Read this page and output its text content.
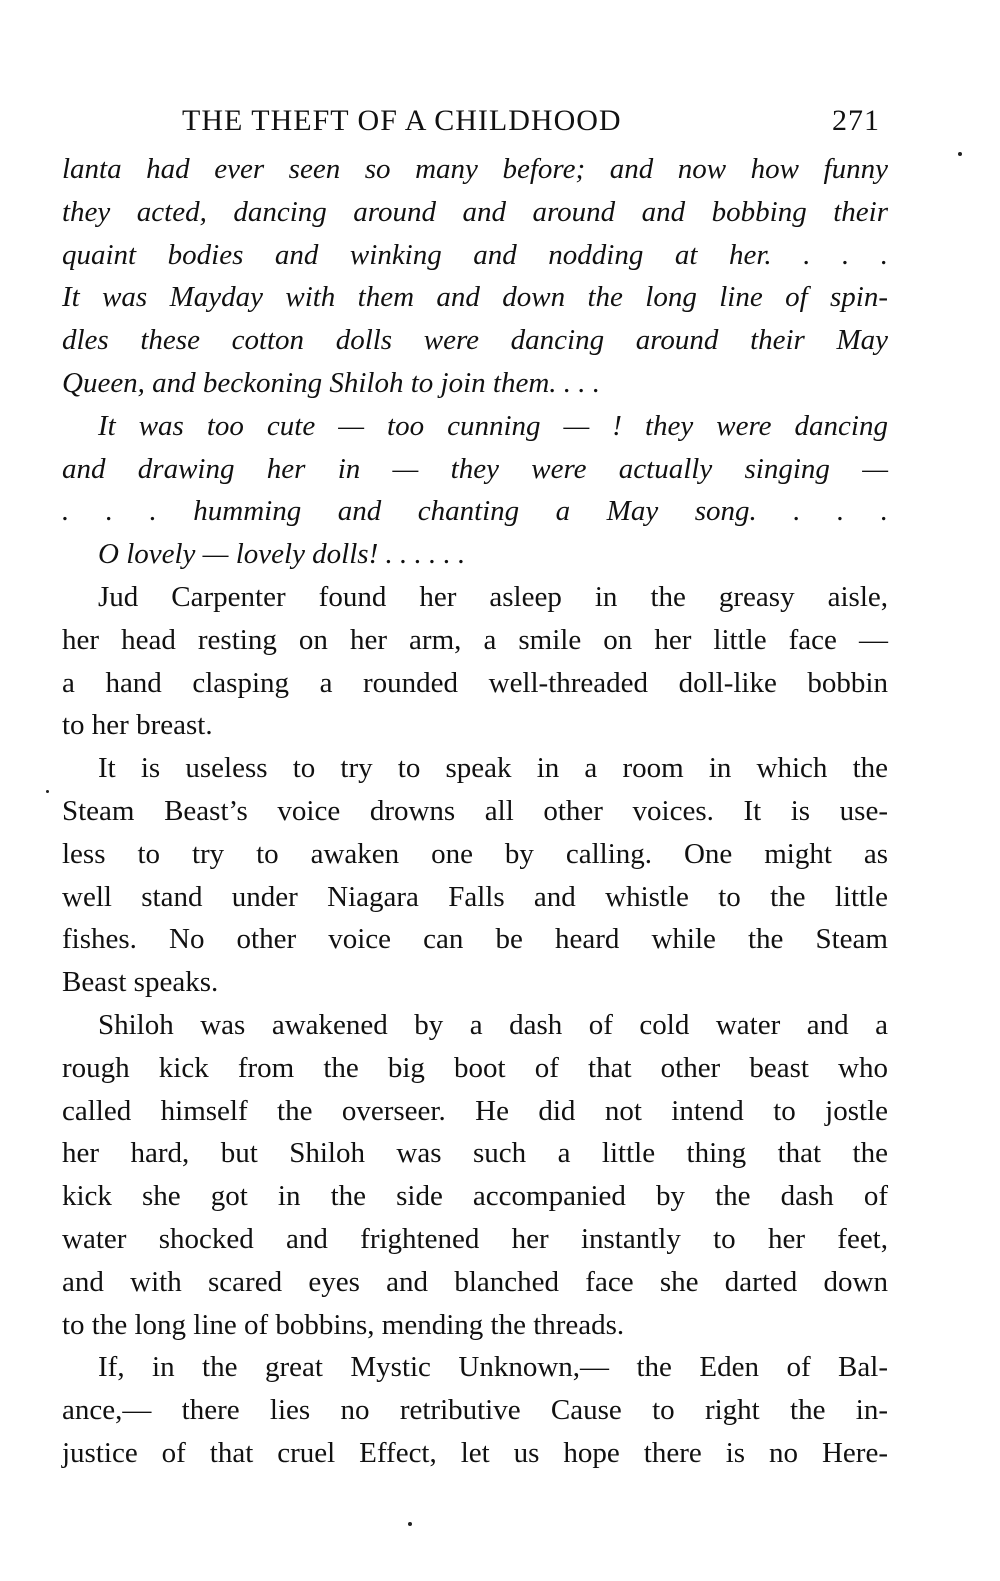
THE THEFT OF A CHILDHOOD	271
lanta had ever seen so many before; and now how funny
they acted, dancing around and around and bobbing their
quaint bodies and winking and nodding at her. . . .
It was Mayday with them and down the long line of spin-
dles these cotton dolls were dancing around their May
Queen, and beckoning Shiloh to join them. . . .
It was too cute — too cunning — ! they were dancing
and drawing her in — they were actually singing —
. . . humming and chanting a May song. . . .
O lovely — lovely dolls! . . . . . .
Jud Carpenter found her asleep in the greasy aisle,
her head resting on her arm, a smile on her little face —
a hand clasping a rounded well-threaded doll-like bobbin
to her breast.
It is useless to try to speak in a room in which the
Steam Beast’s voice drowns all other voices. It is use-
less to try to awaken one by calling. One might as
well stand under Niagara Falls and whistle to the little
fishes. No other voice can be heard while the Steam
Beast speaks.
Shiloh was awakened by a dash of cold water and a
rough kick from the big boot of that other beast who
called himself the overseer. He did not intend to jostle
her hard, but Shiloh was such a little thing that the
kick she got in the side accompanied by the dash of
water shocked and frightened her instantly to her feet,
and with scared eyes and blanched face she darted down
to the long line of bobbins, mending the threads.
If, in the great Mystic Unknown,— the Eden of Bal-
ance,— there lies no retributive Cause to right the in-
justice of that cruel Effect, let us hope there is no Here-
